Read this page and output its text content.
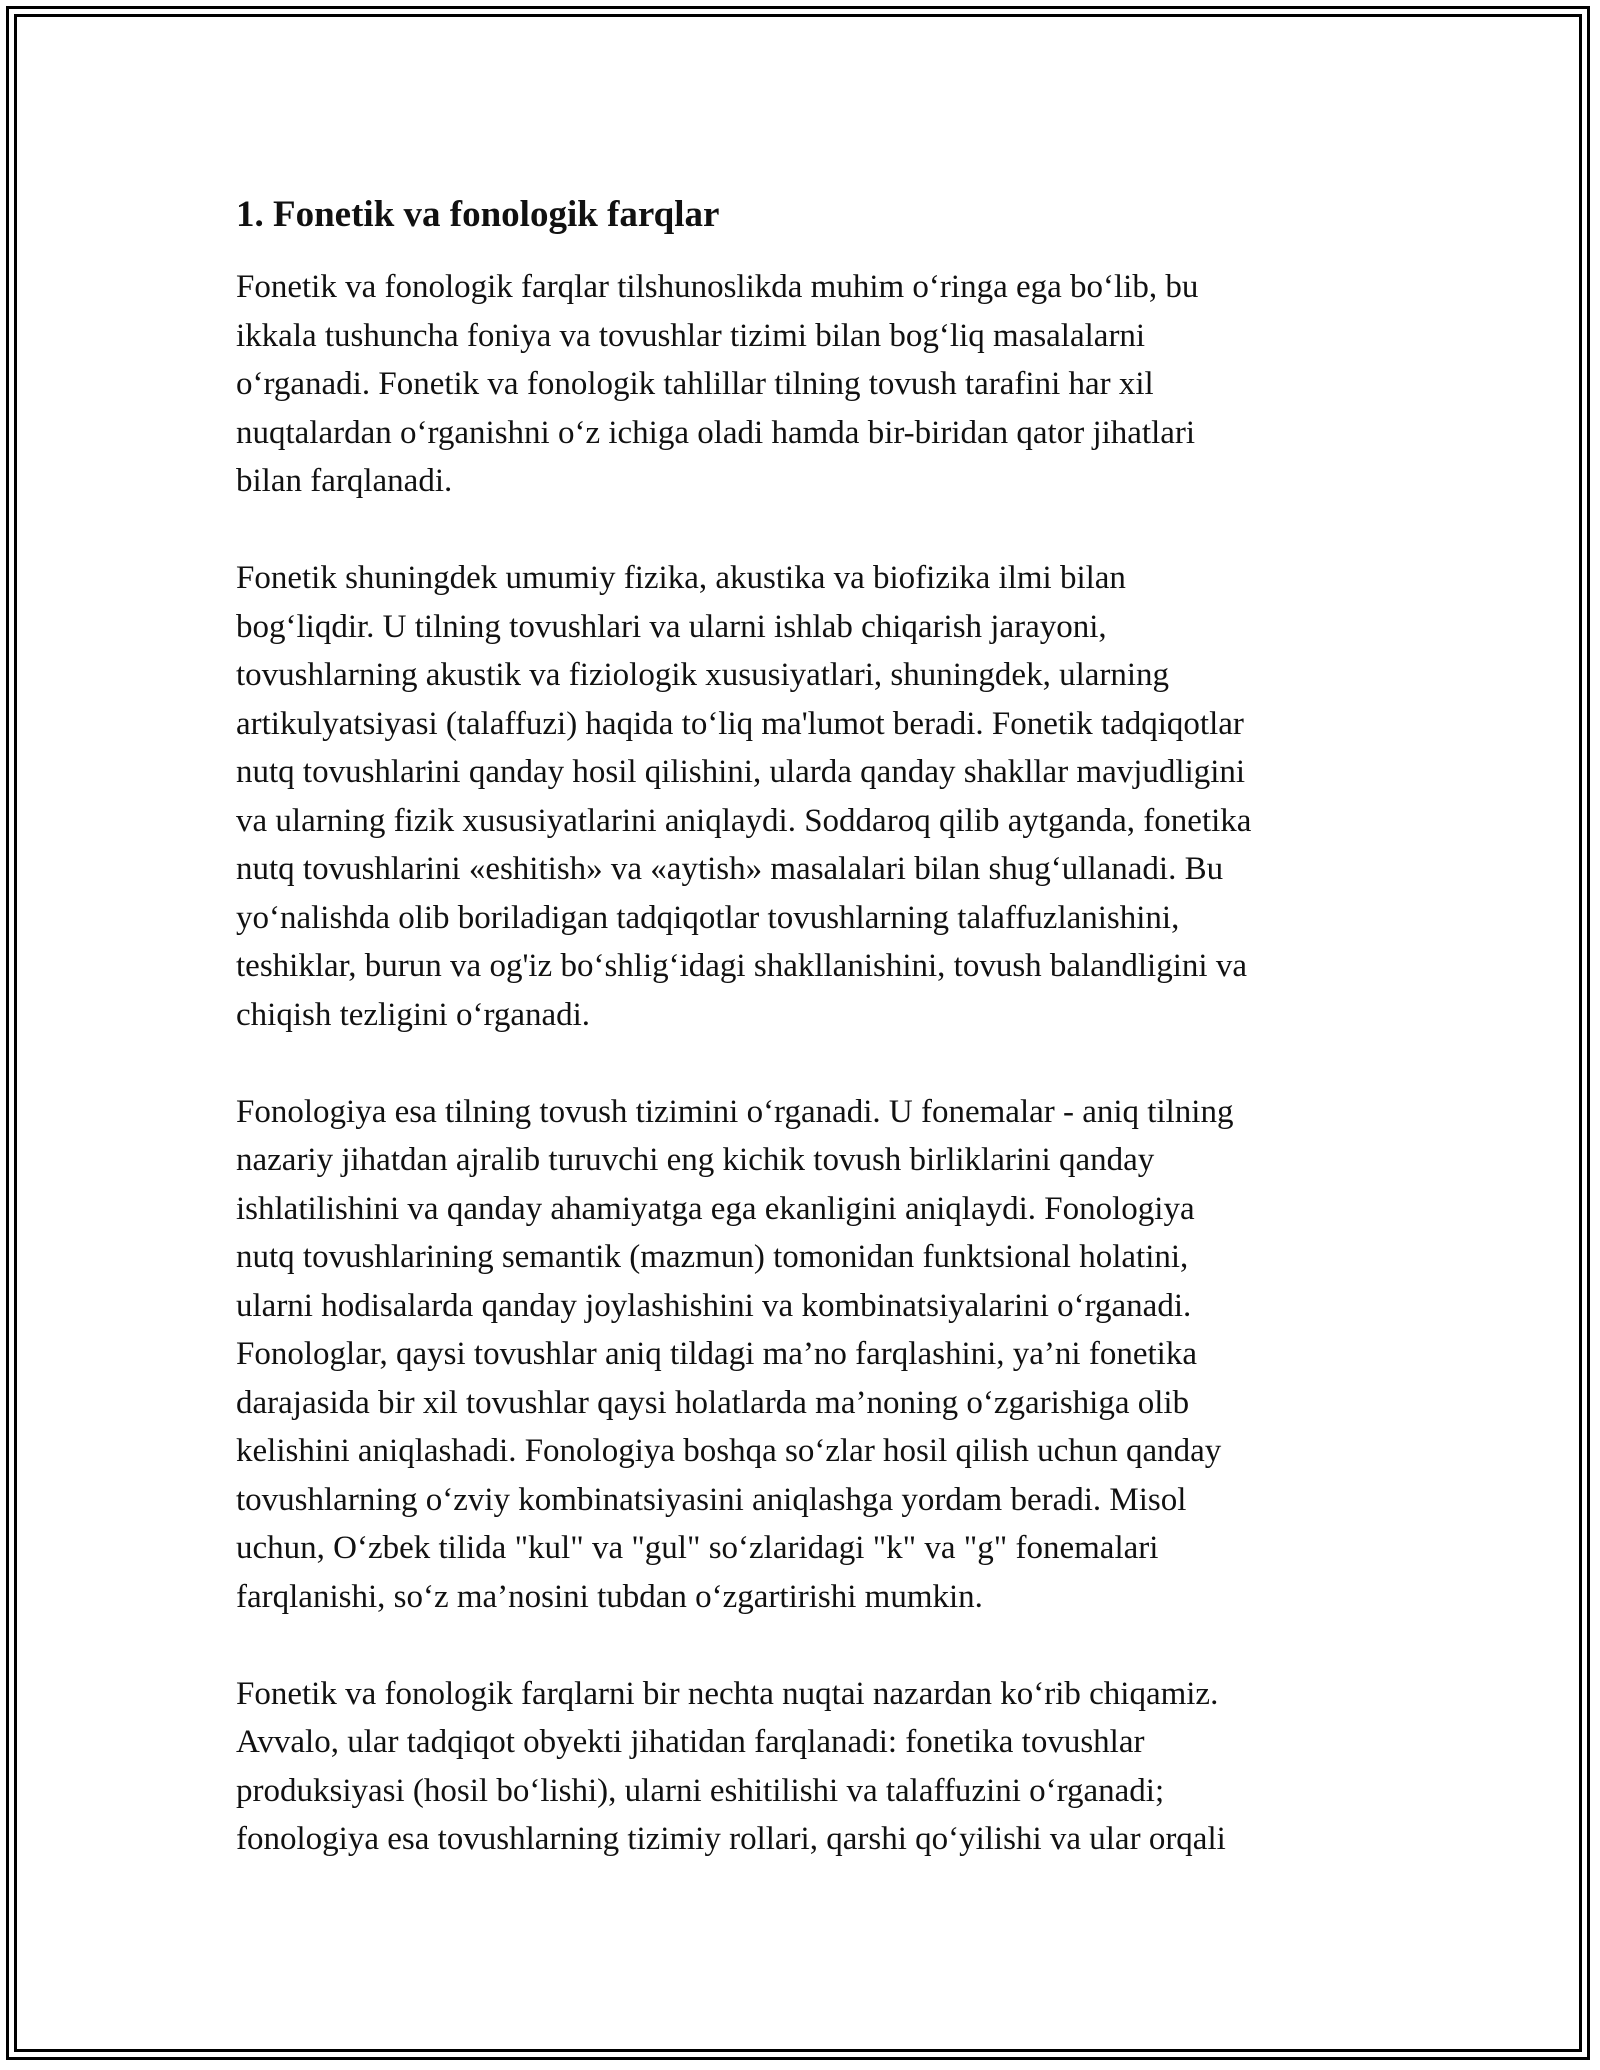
1. Fonetik va fonologik farqlar

Fonetik va fonologik farqlar tilshunoslikda muhim o‘ringa ega bo‘lib, bu
ikkala tushuncha foniya va tovushlar tizimi bilan bog‘liq masalalarni
o‘rganadi. Fonetik va fonologik tahlillar tilning tovush tarafini har xil
nuqtalardan o‘rganishni o‘z ichiga oladi hamda bir-biridan qator jihatlari
bilan farqlanadi.

Fonetik shuningdek umumiy fizika, akustika va biofizika ilmi bilan
bog‘liqdir. U tilning tovushlari va ularni ishlab chiqarish jarayoni,
tovushlarning akustik va fiziologik xususiyatlari, shuningdek, ularning
artikulyatsiyasi (talaffuzi) haqida to‘liq ma'lumot beradi. Fonetik tadqiqotlar
nutq tovushlarini qanday hosil qilishini, ularda qanday shakllar mavjudligini
va ularning fizik xususiyatlarini aniqlaydi. Soddaroq qilib aytganda, fonetika
nutq tovushlarini «eshitish» va «aytish» masalalari bilan shug‘ullanadi. Bu
yo‘nalishda olib boriladigan tadqiqotlar tovushlarning talaffuzlanishini,
teshiklar, burun va og'iz bo‘shlig‘idagi shakllanishini, tovush balandligini va
chiqish tezligini o‘rganadi.

Fonologiya esa tilning tovush tizimini o‘rganadi. U fonemalar - aniq tilning
nazariy jihatdan ajralib turuvchi eng kichik tovush birliklarini qanday
ishlatilishini va qanday ahamiyatga ega ekanligini aniqlaydi. Fonologiya
nutq tovushlarining semantik (mazmun) tomonidan funktsional holatini,
ularni hodisalarda qanday joylashishini va kombinatsiyalarini o‘rganadi.
Fonologlar, qaysi tovushlar aniq tildagi ma’no farqlashini, ya’ni fonetika
darajasida bir xil tovushlar qaysi holatlarda ma’noning o‘zgarishiga olib
kelishini aniqlashadi. Fonologiya boshqa so‘zlar hosil qilish uchun qanday
tovushlarning o‘zviy kombinatsiyasini aniqlashga yordam beradi. Misol
uchun, O‘zbek tilida "kul" va "gul" so‘zlaridagi "k" va "g" fonemalari
farqlanishi, so‘z ma’nosini tubdan o‘zgartirishi mumkin.

Fonetik va fonologik farqlarni bir nechta nuqtai nazardan ko‘rib chiqamiz.
Avvalo, ular tadqiqot obyekti jihatidan farqlanadi: fonetika tovushlar
produksiyasi (hosil bo‘lishi), ularni eshitilishi va talaffuzini o‘rganadi;
fonologiya esa tovushlarning tizimiy rollari, qarshi qo‘yilishi va ular orqali
